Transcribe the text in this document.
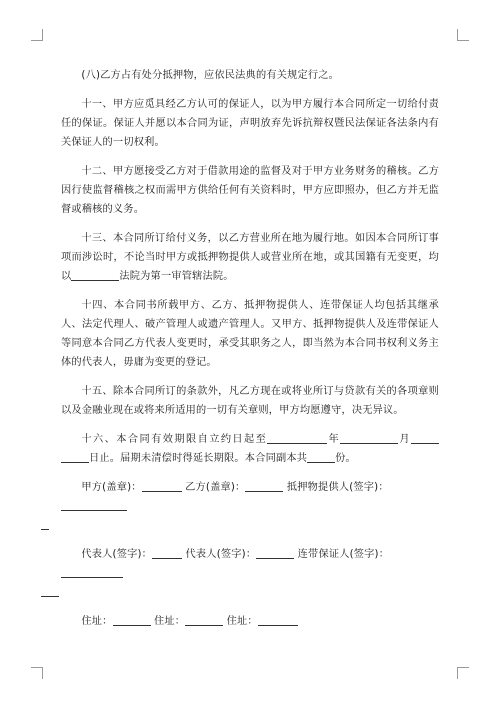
(八)乙方占有处分抵押物，应依民法典的有关规定行之。

十一、甲方应觅具经乙方认可的保证人，以为甲方履行本合同所定一切给付责任的保证。保证人并愿以本合同为证，声明放弃先诉抗辩权暨民法保证各法条内有关保证人的一切权利。

十二、甲方愿接受乙方对于借款用途的监督及对于甲方业务财务的稽核。乙方因行使监督稽核之权而需甲方供给任何有关资料时，甲方应即照办，但乙方并无监督或稽核的义务。

十三、本合同所订给付义务，以乙方营业所在地为履行地。如因本合同所订事项而涉讼时，不论当时甲方或抵押物提供人或营业所在地，或其国籍有无变更，均以	法院为第一审管辖法院。

十四、本合同书所载甲方、乙方、抵押物提供人、连带保证人均包括其继承人、法定代理人、破产管理人或遗产管理人。又甲方、抵押物提供人及连带保证人等同意本合同乙方代表人变更时，承受其职务之人，即当然为本合同书权利义务主体的代表人，毋庸为变更的登记。

十五、除本合同所订的条款外，凡乙方现在或将业所订与贷款有关的各项章则以及金融业现在或将来所适用的一切有关章则，甲方均愿遵守，决无异议。

十六、本合同有效期限自立约日起至	年	月日止。届期未清偿时得延长期限。本合同副本共	份。

甲方(盖章)：	乙方(盖章)：	抵押物提供人(签字)：

代表人(签字)：	代表人(签字)：	连带保证人(签字)：

住址：	住址：	住址：
